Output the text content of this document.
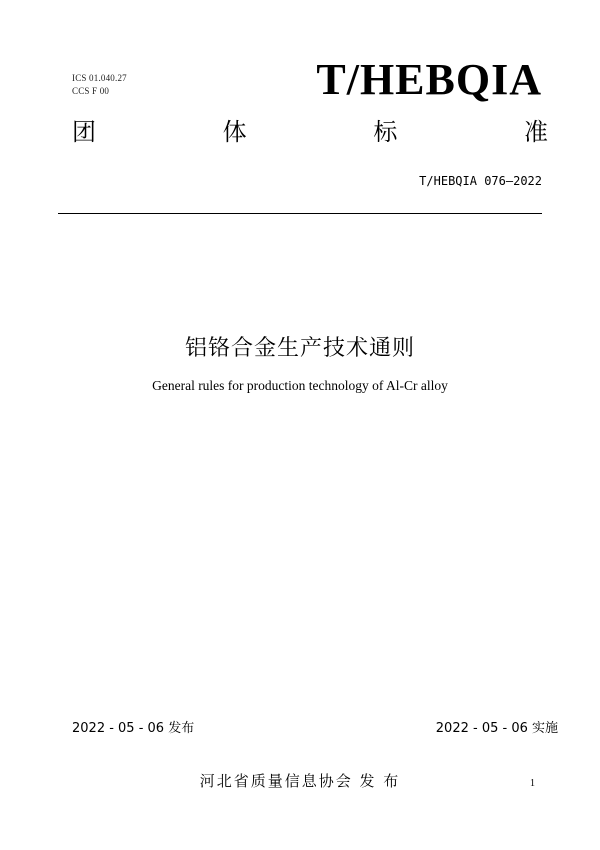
ICS 01.040.27
CCS F 00	T/HEBQIA
团	体	标	准
T/HEBQIA 076—2022
铝铬合金生产技术通则
General rules for production technology of Al-Cr alloy
2022 - 05 - 06 发布	2022 - 05 - 06 实施
河北省质量信息协会 发 布	1
